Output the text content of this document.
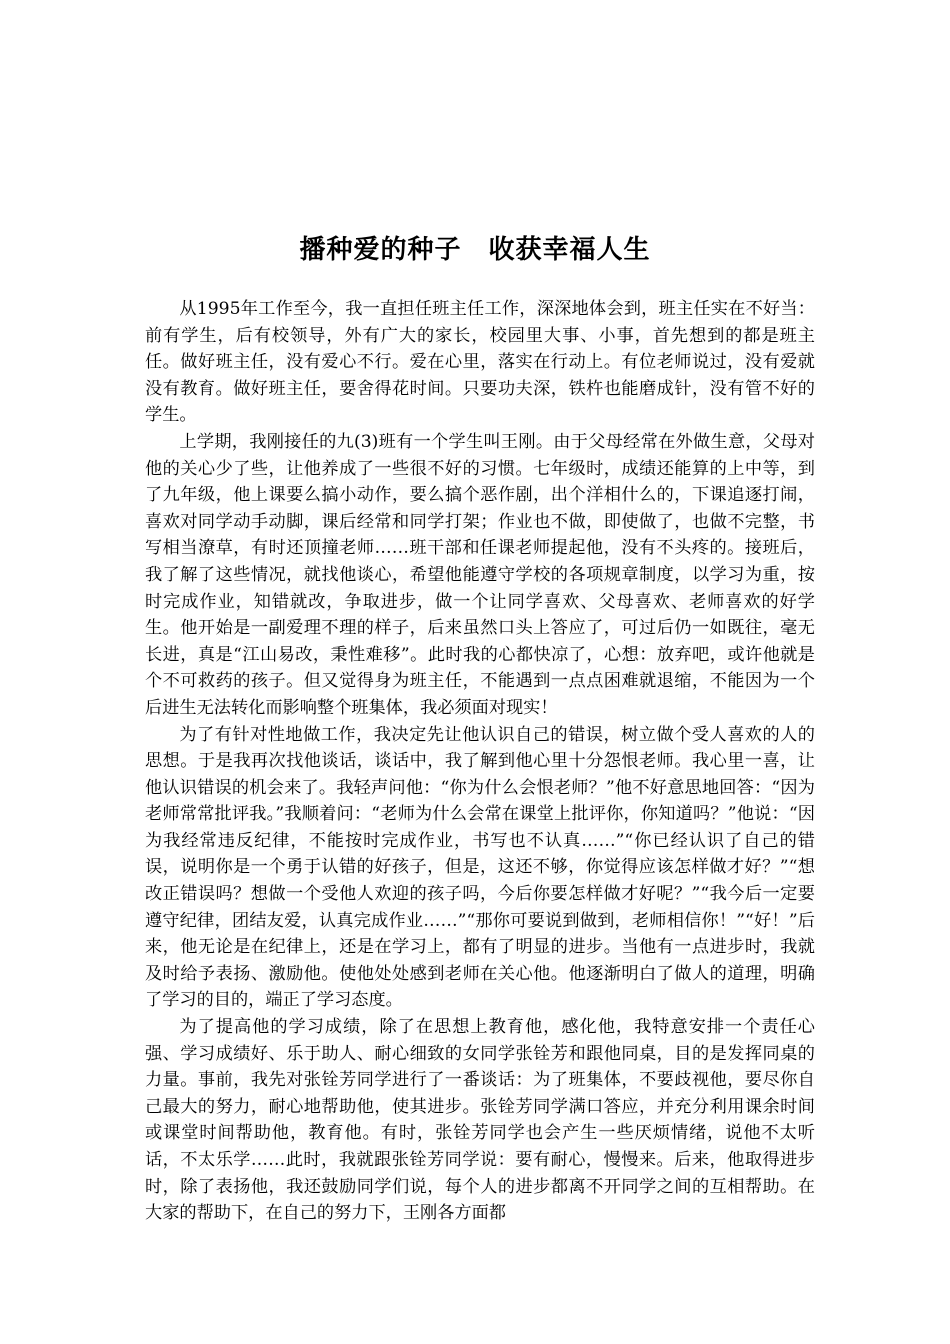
播种爱的种子　收获幸福人生

从1995年工作至今，我一直担任班主任工作，深深地体会到，班主任实在不好当：前有学生，后有校领导，外有广大的家长，校园里大事、小事，首先想到的都是班主任。做好班主任，没有爱心不行。爱在心里，落实在行动上。有位老师说过，没有爱就没有教育。做好班主任，要舍得花时间。只要功夫深，铁杵也能磨成针，没有管不好的学生。

上学期，我刚接任的九(3)班有一个学生叫王刚。由于父母经常在外做生意，父母对他的关心少了些，让他养成了一些很不好的习惯。七年级时，成绩还能算的上中等，到了九年级，他上课要么搞小动作，要么搞个恶作剧，出个洋相什么的，下课追逐打闹，喜欢对同学动手动脚，课后经常和同学打架；作业也不做，即使做了，也做不完整，书写相当潦草，有时还顶撞老师……班干部和任课老师提起他，没有不头疼的。接班后，我了解了这些情况，就找他谈心，希望他能遵守学校的各项规章制度，以学习为重，按时完成作业，知错就改，争取进步，做一个让同学喜欢、父母喜欢、老师喜欢的好学生。他开始是一副爱理不理的样子，后来虽然口头上答应了，可过后仍一如既往，毫无长进，真是“江山易改，秉性难移”。此时我的心都快凉了，心想：放弃吧，或许他就是个不可救药的孩子。但又觉得身为班主任，不能遇到一点点困难就退缩，不能因为一个后进生无法转化而影响整个班集体，我必须面对现实！

为了有针对性地做工作，我决定先让他认识自己的错误，树立做个受人喜欢的人的思想。于是我再次找他谈话，谈话中，我了解到他心里十分怨恨老师。我心里一喜，让他认识错误的机会来了。我轻声问他：“你为什么会恨老师？”他不好意思地回答：“因为老师常常批评我。”我顺着问：“老师为什么会常在课堂上批评你，你知道吗？”他说：“因为我经常违反纪律，不能按时完成作业，书写也不认真……”“你已经认识了自己的错误，说明你是一个勇于认错的好孩子，但是，这还不够，你觉得应该怎样做才好？”“想改正错误吗？想做一个受他人欢迎的孩子吗，今后你要怎样做才好呢？”“我今后一定要遵守纪律，团结友爱，认真完成作业……”“那你可要说到做到，老师相信你！”“好！”后来，他无论是在纪律上，还是在学习上，都有了明显的进步。当他有一点进步时，我就及时给予表扬、激励他。使他处处感到老师在关心他。他逐渐明白了做人的道理，明确了学习的目的，端正了学习态度。

为了提高他的学习成绩，除了在思想上教育他，感化他，我特意安排一个责任心强、学习成绩好、乐于助人、耐心细致的女同学张铨芳和跟他同桌，目的是发挥同桌的力量。事前，我先对张铨芳同学进行了一番谈话：为了班集体，不要歧视他，要尽你自己最大的努力，耐心地帮助他，使其进步。张铨芳同学满口答应，并充分利用课余时间或课堂时间帮助他，教育他。有时，张铨芳同学也会产生一些厌烦情绪，说他不太听话，不太乐学……此时，我就跟张铨芳同学说：要有耐心，慢慢来。后来，他取得进步时，除了表扬他，我还鼓励同学们说，每个人的进步都离不开同学之间的互相帮助。在大家的帮助下，在自己的努力下，王刚各方面都
